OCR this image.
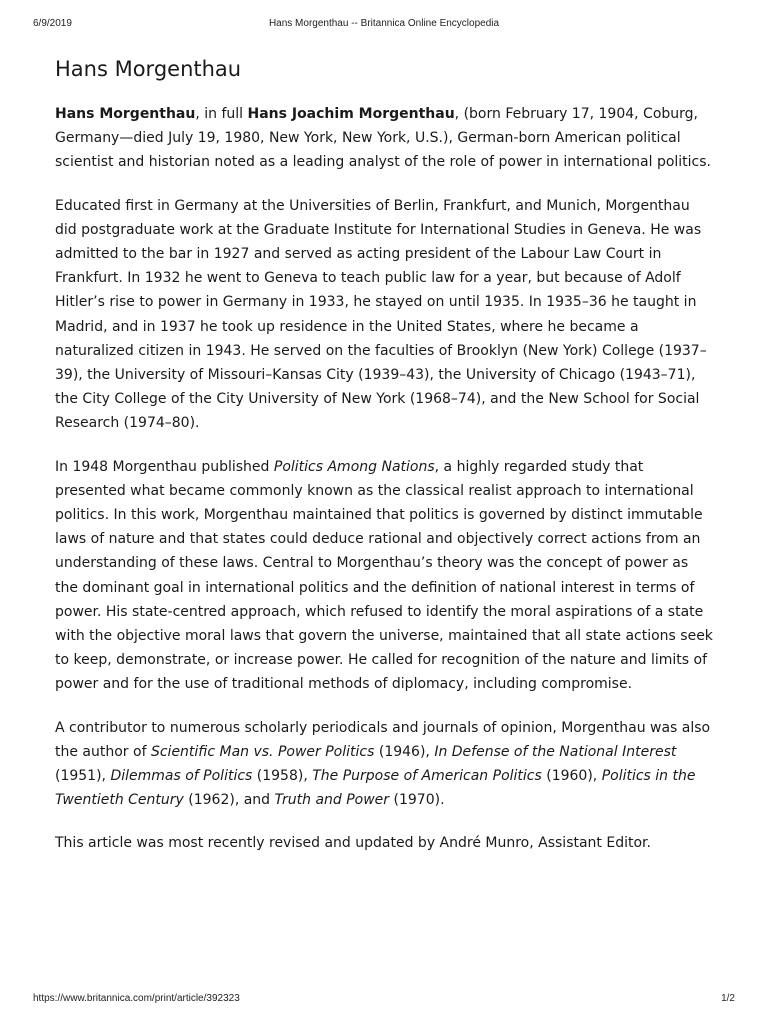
6/9/2019	Hans Morgenthau -- Britannica Online Encyclopedia
Hans Morgenthau

Hans Morgenthau, in full Hans Joachim Morgenthau, (born February 17, 1904, Coburg, Germany—died July 19, 1980, New York, New York, U.S.), German-born American political scientist and historian noted as a leading analyst of the role of power in international politics.

Educated first in Germany at the Universities of Berlin, Frankfurt, and Munich, Morgenthau did postgraduate work at the Graduate Institute for International Studies in Geneva. He was admitted to the bar in 1927 and served as acting president of the Labour Law Court in Frankfurt. In 1932 he went to Geneva to teach public law for a year, but because of Adolf Hitler’s rise to power in Germany in 1933, he stayed on until 1935. In 1935–36 he taught in Madrid, and in 1937 he took up residence in the United States, where he became a naturalized citizen in 1943. He served on the faculties of Brooklyn (New York) College (1937–39), the University of Missouri–Kansas City (1939–43), the University of Chicago (1943–71), the City College of the City University of New York (1968–74), and the New School for Social Research (1974–80).

In 1948 Morgenthau published Politics Among Nations, a highly regarded study that presented what became commonly known as the classical realist approach to international politics. In this work, Morgenthau maintained that politics is governed by distinct immutable laws of nature and that states could deduce rational and objectively correct actions from an understanding of these laws. Central to Morgenthau’s theory was the concept of power as the dominant goal in international politics and the definition of national interest in terms of power. His state-centred approach, which refused to identify the moral aspirations of a state with the objective moral laws that govern the universe, maintained that all state actions seek to keep, demonstrate, or increase power. He called for recognition of the nature and limits of power and for the use of traditional methods of diplomacy, including compromise.

A contributor to numerous scholarly periodicals and journals of opinion, Morgenthau was also the author of Scientific Man vs. Power Politics (1946), In Defense of the National Interest (1951), Dilemmas of Politics (1958), The Purpose of American Politics (1960), Politics in the Twentieth Century (1962), and Truth and Power (1970).

This article was most recently revised and updated by André Munro, Assistant Editor.

https://www.britannica.com/print/article/392323	1/2
